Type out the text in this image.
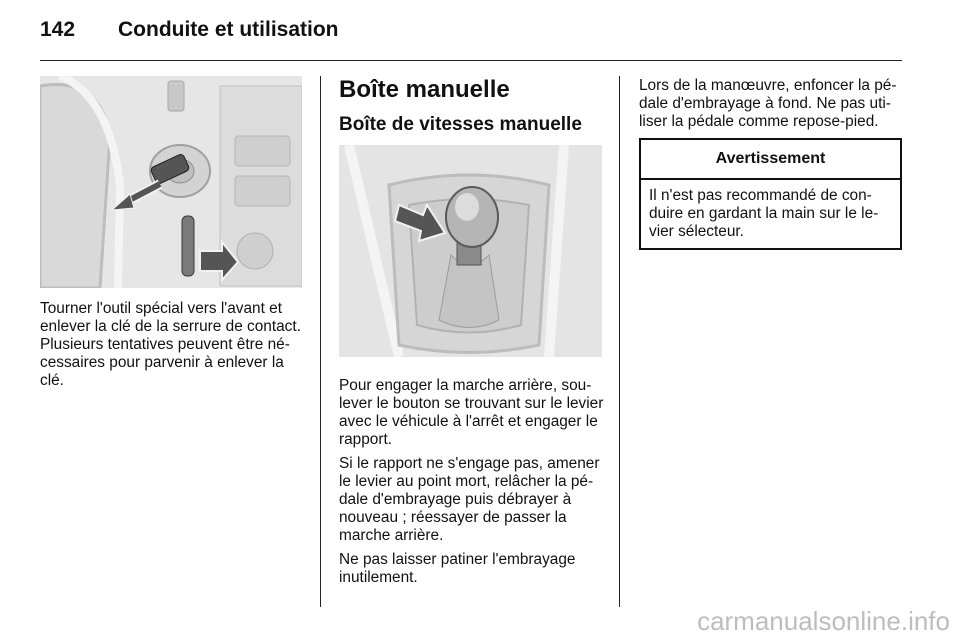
142 Conduite et utilisation

Tourner l'outil spécial vers l'avant et enlever la clé de la serrure de contact. Plusieurs tentatives peuvent être nécessaires pour parvenir à enlever la clé.

Boîte manuelle
Boîte de vitesses manuelle

Pour engager la marche arrière, soulever le bouton se trouvant sur le levier avec le véhicule à l'arrêt et engager le rapport.

Si le rapport ne s'engage pas, amener le levier au point mort, relâcher la pédale d'embrayage puis débrayer à nouveau ; réessayer de passer la marche arrière.

Ne pas laisser patiner l'embrayage inutilement.

Lors de la manœuvre, enfoncer la pédale d'embrayage à fond. Ne pas utiliser la pédale comme repose-pied.

Avertissement
Il n'est pas recommandé de conduire en gardant la main sur le levier sélecteur.
carmanualsonline.info
